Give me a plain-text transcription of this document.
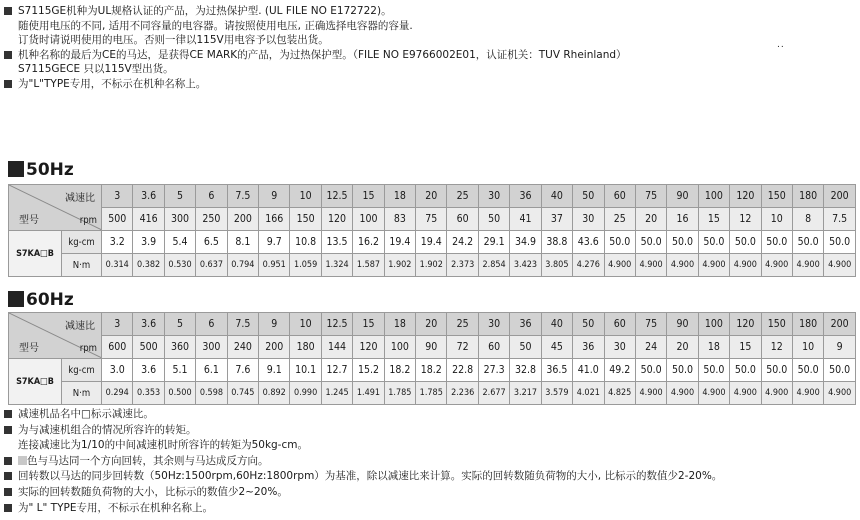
S7115GE机种为UL规格认证的产品，为过热保护型. (UL FILE NO E172722)。
随使用电压的不同, 适用不同容量的电容器。请按照使用电压, 正确选择电容器的容量.
订货时请说明使用的电压。否则一律以115V用电容予以包装出货。
机种名称的最后为CE的马达，是获得CE MARK的产品，为过热保护型。（FILE NO E9766002E01，认证机关：TUV Rheinland）
S7115GECE 只以115V型出货。
为"L"TYPE专用，不标示在机种名称上。
..
50Hz
减速比
rpm
型号		3	3.6	5	6	7.5	9	10	12.5	15	18	20	25	30	36	40	50	60	75	90	100	120	150	180	200
		500	416	300	250	200	166	150	120	100	83	75	60	50	41	37	30	25	20	16	15	12	10	8	7.5
S7KA□B	kg-cm	3.2	3.9	5.4	6.5	8.1	9.7	10.8	13.5	16.2	19.4	19.4	24.2	29.1	34.9	38.8	43.6	50.0	50.0	50.0	50.0	50.0	50.0	50.0	50.0
	N·m	0.314	0.382	0.530	0.637	0.794	0.951	1.059	1.324	1.587	1.902	1.902	2.373	2.854	3.423	3.805	4.276	4.900	4.900	4.900	4.900	4.900	4.900	4.900	4.900
60Hz
减速比
rpm
型号		3	3.6	5	6	7.5	9	10	12.5	15	18	20	25	30	36	40	50	60	75	90	100	120	150	180	200
		600	500	360	300	240	200	180	144	120	100	90	72	60	50	45	36	30	24	20	18	15	12	10	9
S7KA□B	kg-cm	3.0	3.6	5.1	6.1	7.6	9.1	10.1	12.7	15.2	18.2	18.2	22.8	27.3	32.8	36.5	41.0	49.2	50.0	50.0	50.0	50.0	50.0	50.0	50.0
	N·m	0.294	0.353	0.500	0.598	0.745	0.892	0.990	1.245	1.491	1.785	1.785	2.236	2.677	3.217	3.579	4.021	4.825	4.900	4.900	4.900	4.900	4.900	4.900	4.900
减速机品名中□标示减速比。
为与减速机组合的情况所容许的转矩。
连接减速比为1/10的中间减速机时所容许的转矩为50kg-cm。
色与马达同一个方向回转，其余则与马达成反方向。
回转数以马达的同步回转数（50Hz:1500rpm,60Hz:1800rpm）为基准，除以减速比来计算。实际的回转数随负荷物的大小, 比标示的数值少2-20%。
实际的回转数随负荷物的大小，比标示的数值少2~20%。
为" L" TYPE专用，不标示在机种名称上。
